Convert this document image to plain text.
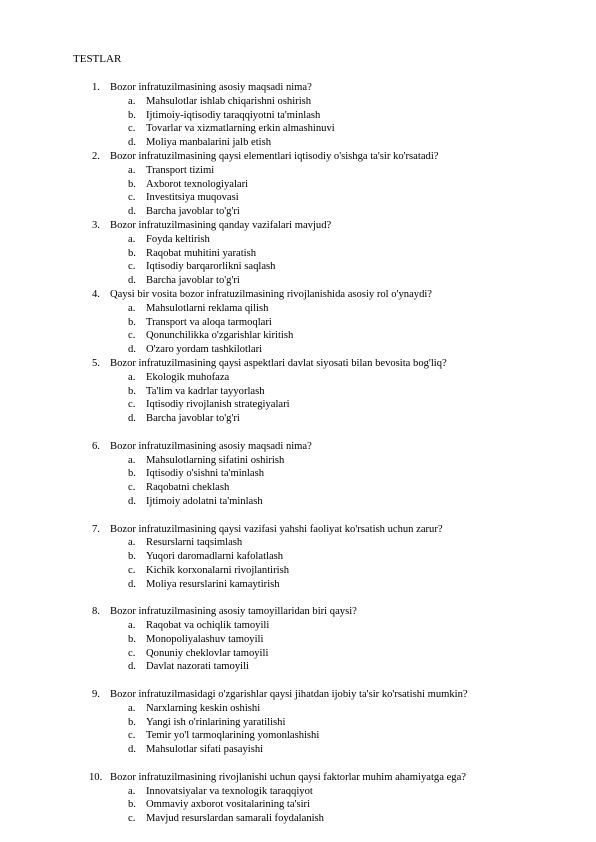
TESTLAR
1. Bozor infratuzilmasining asosiy maqsadi nima?
a. Mahsulotlar ishlab chiqarishni oshirish
b. Ijtimoiy-iqtisodiy taraqqiyotni ta'minlash
c. Tovarlar va xizmatlarning erkin almashinuvi
d. Moliya manbalarini jalb etish
2. Bozor infratuzilmasining qaysi elementlari iqtisodiy o'sishga ta'sir ko'rsatadi?
a. Transport tizimi
b. Axborot texnologiyalari
c. Investitsiya muqovasi
d. Barcha javoblar to'g'ri
3. Bozor infratuzilmasining qanday vazifalari mavjud?
a. Foyda keltirish
b. Raqobat muhitini yaratish
c. Iqtisodiy barqarorlikni saqlash
d. Barcha javoblar to'g'ri
4. Qaysi bir vosita bozor infratuzilmasining rivojlanishida asosiy rol o'ynaydi?
a. Mahsulotlarni reklama qilish
b. Transport va aloqa tarmoqlari
c. Qonunchilikka o'zgarishlar kiritish
d. O'zaro yordam tashkilotlari
5. Bozor infratuzilmasining qaysi aspektlari davlat siyosati bilan bevosita bog'liq?
a. Ekologik muhofaza
b. Ta'lim va kadrlar tayyorlash
c. Iqtisodiy rivojlanish strategiyalari
d. Barcha javoblar to'g'ri
6. Bozor infratuzilmasining asosiy maqsadi nima?
a. Mahsulotlarning sifatini oshirish
b. Iqtisodiy o'sishni ta'minlash
c. Raqobatni cheklash
d. Ijtimoiy adolatni ta'minlash
7. Bozor infratuzilmasining qaysi vazifasi yahshi faoliyat ko'rsatish uchun zarur?
a. Resurslarni taqsimlash
b. Yuqori daromadlarni kafolatlash
c. Kichik korxonalarni rivojlantirish
d. Moliya resurslarini kamaytirish
8. Bozor infratuzilmasining asosiy tamoyillaridan biri qaysi?
a. Raqobat va ochiqlik tamoyili
b. Monopoliyalashuv tamoyili
c. Qonuniy cheklovlar tamoyili
d. Davlat nazorati tamoyili
9. Bozor infratuzilmasidagi o'zgarishlar qaysi jihatdan ijobiy ta'sir ko'rsatishi mumkin?
a. Narxlarning keskin oshishi
b. Yangi ish o'rinlarining yaratilishi
c. Temir yo'l tarmoqlarining yomonlashishi
d. Mahsulotlar sifati pasayishi
10. Bozor infratuzilmasining rivojlanishi uchun qaysi faktorlar muhim ahamiyatga ega?
a. Innovatsiyalar va texnologik taraqqiyot
b. Ommaviy axborot vositalarining ta'siri
c. Mavjud resurslardan samarali foydalanish
